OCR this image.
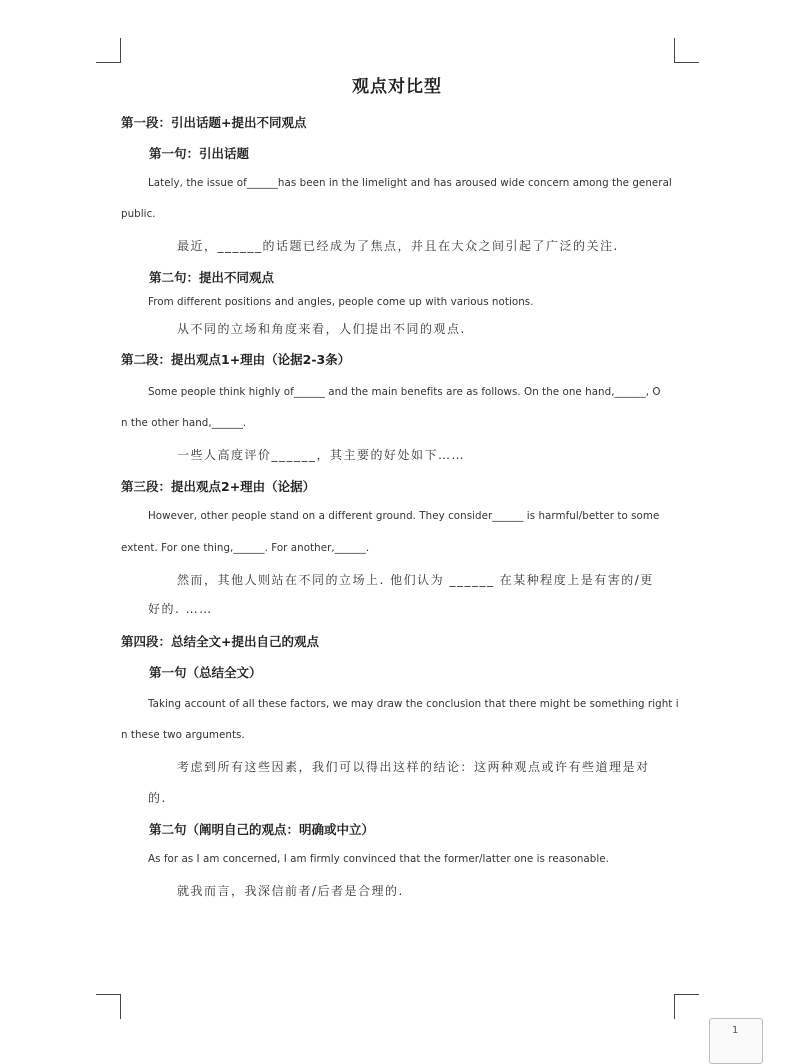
观点对比型
第一段：引出话题+提出不同观点
第一句：引出话题
Lately, the issue of______has been in the limelight and has aroused wide concern among the general
public.
最近，______的话题已经成为了焦点，并且在大众之间引起了广泛的关注.
第二句：提出不同观点
From different positions and angles, people come up with various notions.
从不同的立场和角度来看，人们提出不同的观点.
第二段：提出观点1+理由（论据2-3条）
Some people think highly of______ and the main benefits are as follows. On the one hand,______, O
n the other hand,______.
一些人高度评价______，其主要的好处如下……
第三段：提出观点2+理由（论据）
However, other people stand on a different ground. They consider______ is harmful/better to some
extent. For one thing,______. For another,______.
然而，其他人则站在不同的立场上. 他们认为 ______ 在某种程度上是有害的/更
好的. ……
第四段：总结全文+提出自己的观点
第一句（总结全文）
Taking account of all these factors, we may draw the conclusion that there might be something right i
n these two arguments.
考虑到所有这些因素，我们可以得出这样的结论：这两种观点或许有些道理是对
的.
第二句（阐明自己的观点：明确或中立）
As for as I am concerned, I am firmly convinced that the former/latter one is reasonable.
就我而言，我深信前者/后者是合理的.
1
